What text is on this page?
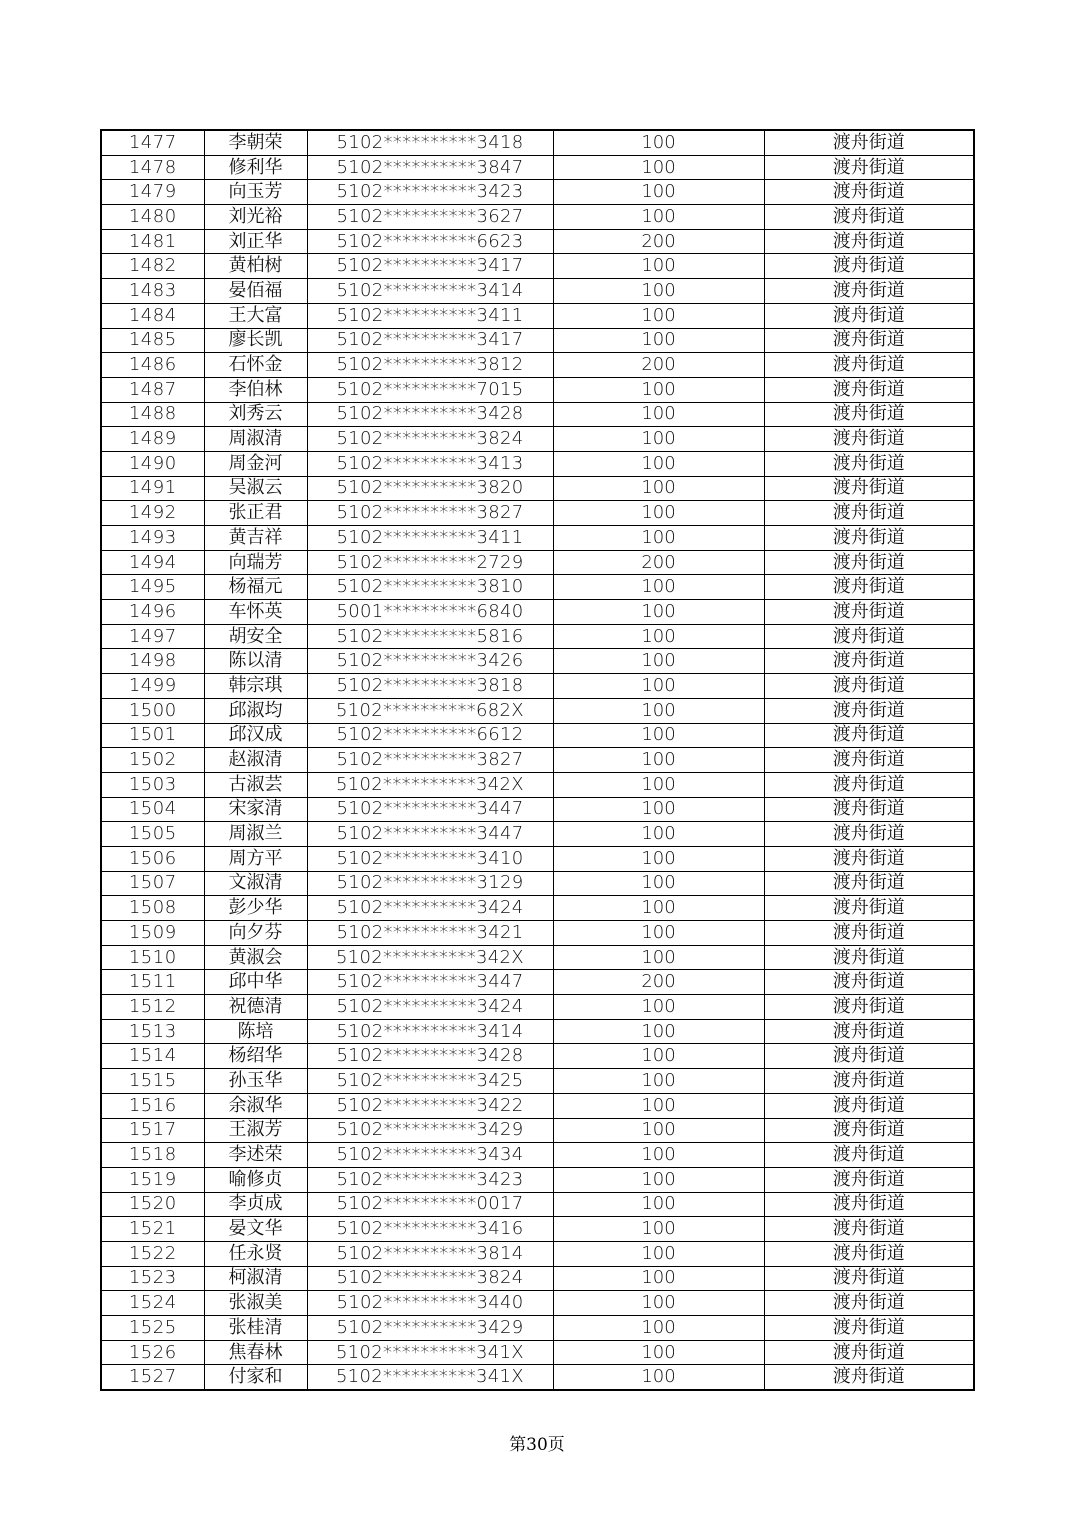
1477	李朝荣	5102**********3418	100	渡舟街道
1478	修利华	5102**********3847	100	渡舟街道
1479	向玉芳	5102**********3423	100	渡舟街道
1480	刘光裕	5102**********3627	100	渡舟街道
1481	刘正华	5102**********6623	200	渡舟街道
1482	黄柏树	5102**********3417	100	渡舟街道
1483	晏佰福	5102**********3414	100	渡舟街道
1484	王大富	5102**********3411	100	渡舟街道
1485	廖长凯	5102**********3417	100	渡舟街道
1486	石怀金	5102**********3812	200	渡舟街道
1487	李伯林	5102**********7015	100	渡舟街道
1488	刘秀云	5102**********3428	100	渡舟街道
1489	周淑清	5102**********3824	100	渡舟街道
1490	周金河	5102**********3413	100	渡舟街道
1491	吴淑云	5102**********3820	100	渡舟街道
1492	张正君	5102**********3827	100	渡舟街道
1493	黄吉祥	5102**********3411	100	渡舟街道
1494	向瑞芳	5102**********2729	200	渡舟街道
1495	杨福元	5102**********3810	100	渡舟街道
1496	车怀英	5001**********6840	100	渡舟街道
1497	胡安全	5102**********5816	100	渡舟街道
1498	陈以清	5102**********3426	100	渡舟街道
1499	韩宗琪	5102**********3818	100	渡舟街道
1500	邱淑均	5102**********682X	100	渡舟街道
1501	邱汉成	5102**********6612	100	渡舟街道
1502	赵淑清	5102**********3827	100	渡舟街道
1503	古淑芸	5102**********342X	100	渡舟街道
1504	宋家清	5102**********3447	100	渡舟街道
1505	周淑兰	5102**********3447	100	渡舟街道
1506	周方平	5102**********3410	100	渡舟街道
1507	文淑清	5102**********3129	100	渡舟街道
1508	彭少华	5102**********3424	100	渡舟街道
1509	向夕芬	5102**********3421	100	渡舟街道
1510	黄淑会	5102**********342X	100	渡舟街道
1511	邱中华	5102**********3447	200	渡舟街道
1512	祝德清	5102**********3424	100	渡舟街道
1513	陈培	5102**********3414	100	渡舟街道
1514	杨绍华	5102**********3428	100	渡舟街道
1515	孙玉华	5102**********3425	100	渡舟街道
1516	余淑华	5102**********3422	100	渡舟街道
1517	王淑芳	5102**********3429	100	渡舟街道
1518	李述荣	5102**********3434	100	渡舟街道
1519	喻修贞	5102**********3423	100	渡舟街道
1520	李贞成	5102**********0017	100	渡舟街道
1521	晏文华	5102**********3416	100	渡舟街道
1522	任永贤	5102**********3814	100	渡舟街道
1523	柯淑清	5102**********3824	100	渡舟街道
1524	张淑美	5102**********3440	100	渡舟街道
1525	张桂清	5102**********3429	100	渡舟街道
1526	焦春林	5102**********341X	100	渡舟街道
1527	付家和	5102**********341X	100	渡舟街道
第30页
